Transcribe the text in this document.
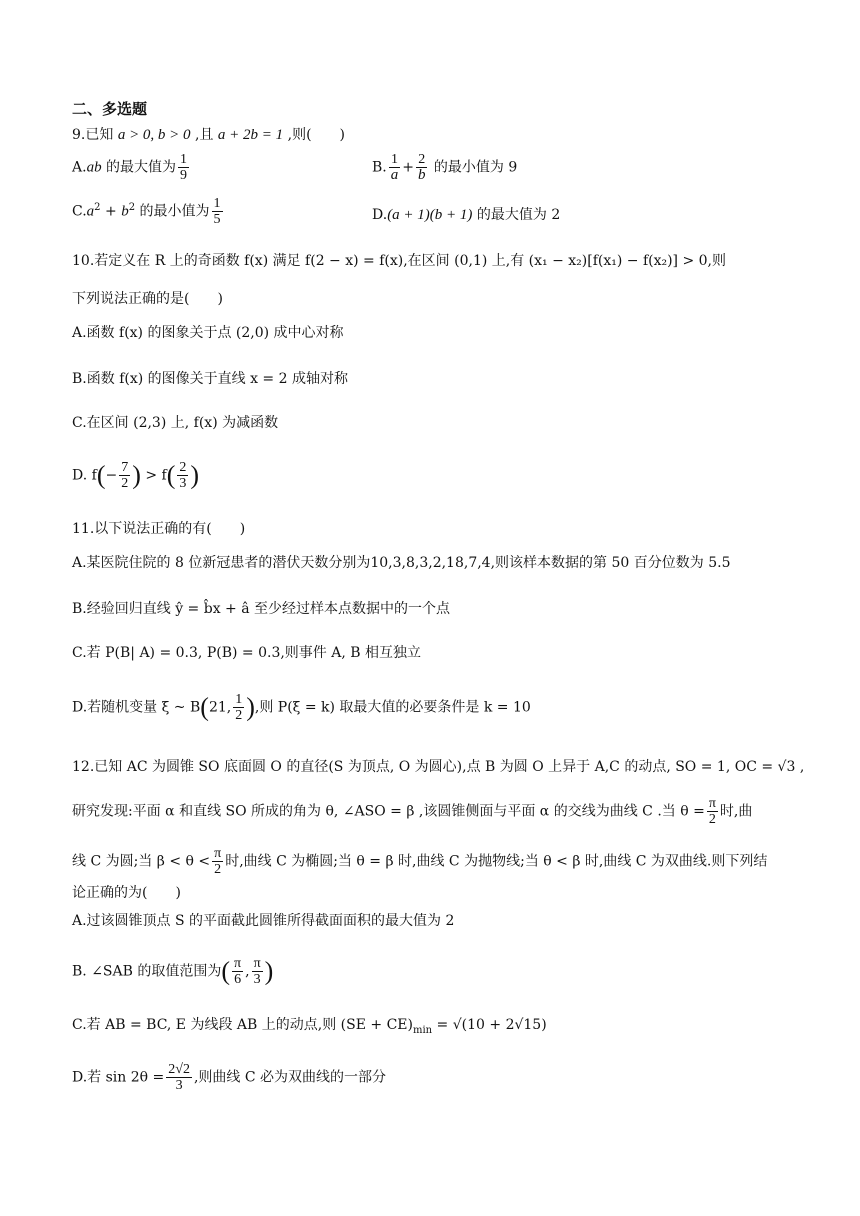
二、多选题
9.已知 a > 0, b > 0 ,且 a + 2b = 1 ,则(　　)
A.ab 的最大值为 $\frac{1}{9}$	B. $\frac{1}{a} + \frac{2}{b}$ 的最小值为 9
$C.a^2 + b^2$ 的最小值为 $\frac{1}{5}$	D.(a + 1)(b + 1) 的最大值为 2
10.若定义在 R 上的奇函数 f(x) 满足 f(2 − x) = f(x),在区间 (0,1) 上,有 (x₁ − x₂)[f(x₁) − f(x₂)] > 0,则
下列说法正确的是(　　)
A.函数 f(x) 的图象关于点 (2,0) 成中心对称
B.函数 f(x) 的图像关于直线 x = 2 成轴对称
C.在区间 (2,3) 上, f(x) 为减函数
D. $f(- \frac{7}{2}$ ) > $f( \frac{2}{3}$ )
11.以下说法正确的有(　　)
A.某医院住院的 8 位新冠患者的潜伏天数分别为10,3,8,3,2,18,7,4,则该样本数据的第 50 百分位数为 5.5
B.经验回归直线 ŷ = b̂x + â 至少经过样本点数据中的一个点
C.若 P(B| A) = 0.3, P(B) = 0.3,则事件 A, B 相互独立
D.若随机变量 ξ ~ B(21, $\frac{1}{2}$ ),则 P(ξ = k) 取最大值的必要条件是 k = 10
12.已知 AC 为圆锥 SO 底面圆 O 的直径(S 为顶点, O 为圆心),点 B 为圆 O 上异于 A,C 的动点, SO = 1, OC = √3 ,
研究发现:平面 α 和直线 SO 所成的角为 θ, ∠ASO = β ,该圆锥侧面与平面 α 的交线为曲线 C .当 $\theta = \frac{\pi}{2}$ 时,曲
线 C 为圆;当 $\beta < \theta < \frac{\pi}{2}$ 时,曲线 C 为椭圆;当 θ = β 时,曲线 C 为抛物线;当 θ < β 时,曲线 C 为双曲线.则下列结
论正确的为(　　)
A.过该圆锥顶点 S 的平面截此圆锥所得截面面积的最大值为 2
B. ∠SAB 的取值范围为( $\frac{\pi}{6}$ , $\frac{\pi}{3}$ )
C.若 AB = BC, E 为线段 AB 上的动点,则 $(SE + CE)_{min} = √(10 + 2√15)$
D.若 $\sin 2\theta = \frac{2√2}{3}$ ,则曲线 C 必为双曲线的一部分
